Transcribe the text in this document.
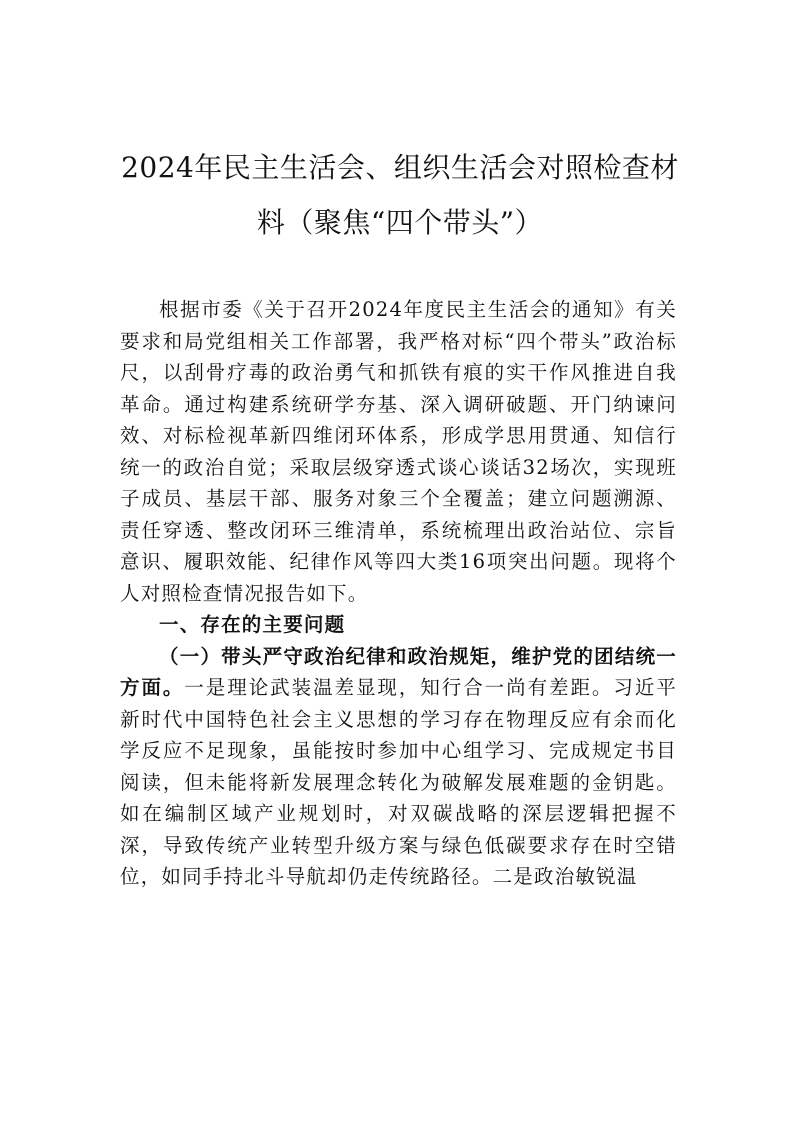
2024年民主生活会、组织生活会对照检查材料（聚焦“四个带头”）

根据市委《关于召开2024年度民主生活会的通知》有关要求和局党组相关工作部署，我严格对标“四个带头”政治标尺，以刮骨疗毒的政治勇气和抓铁有痕的实干作风推进自我革命。通过构建系统研学夯基、深入调研破题、开门纳谏问效、对标检视革新四维闭环体系，形成学思用贯通、知信行统一的政治自觉；采取层级穿透式谈心谈话32场次，实现班子成员、基层干部、服务对象三个全覆盖；建立问题溯源、责任穿透、整改闭环三维清单，系统梳理出政治站位、宗旨意识、履职效能、纪律作风等四大类16项突出问题。现将个人对照检查情况报告如下。

一、存在的主要问题

（一）带头严守政治纪律和政治规矩，维护党的团结统一方面。一是理论武装温差显现，知行合一尚有差距。习近平新时代中国特色社会主义思想的学习存在物理反应有余而化学反应不足现象，虽能按时参加中心组学习、完成规定书目阅读，但未能将新发展理念转化为破解发展难题的金钥匙。如在编制区域产业规划时，对双碳战略的深层逻辑把握不深，导致传统产业转型升级方案与绿色低碳要求存在时空错位，如同手持北斗导航却仍走传统路径。二是政治敏锐温
